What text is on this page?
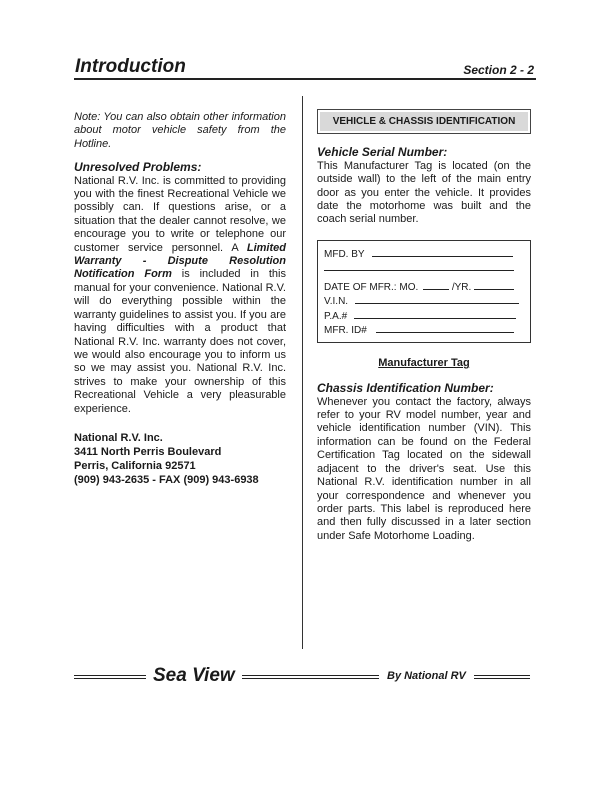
Introduction	Section 2 - 2

Note: You can also obtain other information about motor vehicle safety from the Hotline.

Unresolved Problems:

National R.V. Inc. is committed to providing you with the finest Recreational Vehicle we possibly can. If questions arise, or a situation that the dealer cannot resolve, we encourage you to write or telephone our customer service personnel. A Limited Warranty - Dispute Resolution Notification Form is included in this manual for your convenience. National R.V. will do everything possible within the warranty guidelines to assist you. If you are having difficulties with a product that National R.V. Inc. warranty does not cover, we would also encourage you to inform us so we may assist you. National R.V. Inc. strives to make your ownership of this Recreational Vehicle a very pleasurable experience.

National R.V. Inc.
3411 North Perris Boulevard
Perris, California 92571
(909) 943-2635 - FAX (909) 943-6938
VEHICLE & CHASSIS IDENTIFICATION
Vehicle Serial Number:

This Manufacturer Tag is located (on the outside wall) to the left of the main entry door as you enter the vehicle. It provides date the motorhome was built and the coach serial number.

MFD. BY
DATE OF MFR.: MO.	/YR.
V.I.N.
P.A.#
MFR. ID#
Manufacturer Tag
Chassis Identification Number:

Whenever you contact the factory, always refer to your RV model number, year and vehicle identification number (VIN). This information can be found on the Federal Certification Tag located on the sidewall adjacent to the driver's seat. Use this National R.V. identification number in all your correspondence and whenever you order parts. This label is reproduced here and then fully discussed in a later section under Safe Motorhome Loading.

Sea View	By National RV
